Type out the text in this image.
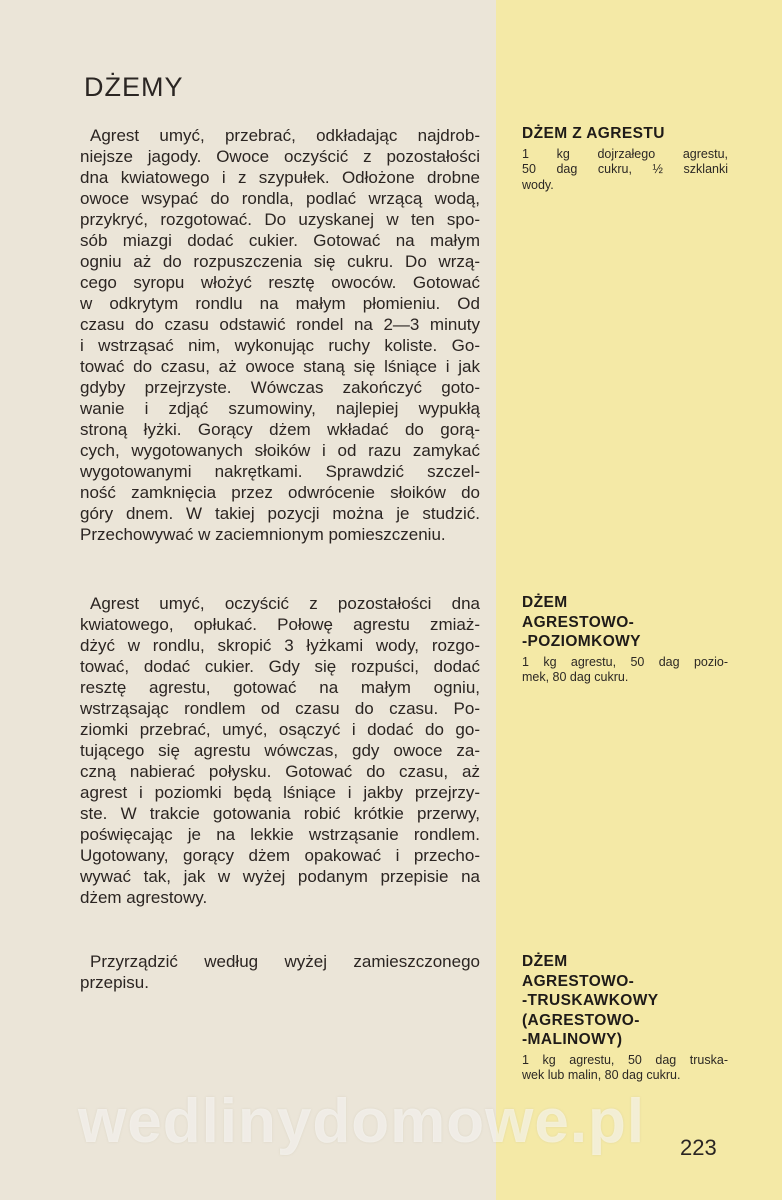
DŻEMY
Agrest umyć, przebrać, odkładając najdrob-
niejsze jagody. Owoce oczyścić z pozostałości
dna kwiatowego i z szypułek. Odłożone drobne
owoce wsypać do rondla, podlać wrzącą wodą,
przykryć, rozgotować. Do uzyskanej w ten spo-
sób miazgi dodać cukier. Gotować na małym
ogniu aż do rozpuszczenia się cukru. Do wrzą-
cego syropu włożyć resztę owoców. Gotować
w odkrytym rondlu na małym płomieniu. Od
czasu do czasu odstawić rondel na 2—3 minuty
i wstrząsać nim, wykonując ruchy koliste. Go-
tować do czasu, aż owoce staną się lśniące i jak
gdyby przejrzyste. Wówczas zakończyć goto-
wanie i zdjąć szumowiny, najlepiej wypukłą
stroną łyżki. Gorący dżem wkładać do gorą-
cych, wygotowanych słoików i od razu zamykać
wygotowanymi nakrętkami. Sprawdzić szczel-
ność zamknięcia przez odwrócenie słoików do
góry dnem. W takiej pozycji można je studzić.
Przechowywać w zaciemnionym pomieszczeniu.
Agrest umyć, oczyścić z pozostałości dna
kwiatowego, opłukać. Połowę agrestu zmiaż-
dżyć w rondlu, skropić 3 łyżkami wody, rozgo-
tować, dodać cukier. Gdy się rozpuści, dodać
resztę agrestu, gotować na małym ogniu,
wstrząsając rondlem od czasu do czasu. Po-
ziomki przebrać, umyć, osączyć i dodać do go-
tującego się agrestu wówczas, gdy owoce za-
czną nabierać połysku. Gotować do czasu, aż
agrest i poziomki będą lśniące i jakby przejrzy-
ste. W trakcie gotowania robić krótkie przerwy,
poświęcając je na lekkie wstrząsanie rondlem.
Ugotowany, gorący dżem opakować i przecho-
wywać tak, jak w wyżej podanym przepisie na
dżem agrestowy.
Przyrządzić według wyżej zamieszczonego
przepisu.
DŻEM Z AGRESTU
1 kg dojrzałego agrestu,
50 dag cukru, ½ szklanki
wody.
DŻEM
AGRESTOWO-
-POZIOMKOWY
1 kg agrestu, 50 dag pozio-
mek, 80 dag cukru.
DŻEM
AGRESTOWO-
-TRUSKAWKOWY
(AGRESTOWO-
-MALINOWY)
1 kg agrestu, 50 dag truska-
wek lub malin, 80 dag cukru.
wedlinydomowe.pl	223
